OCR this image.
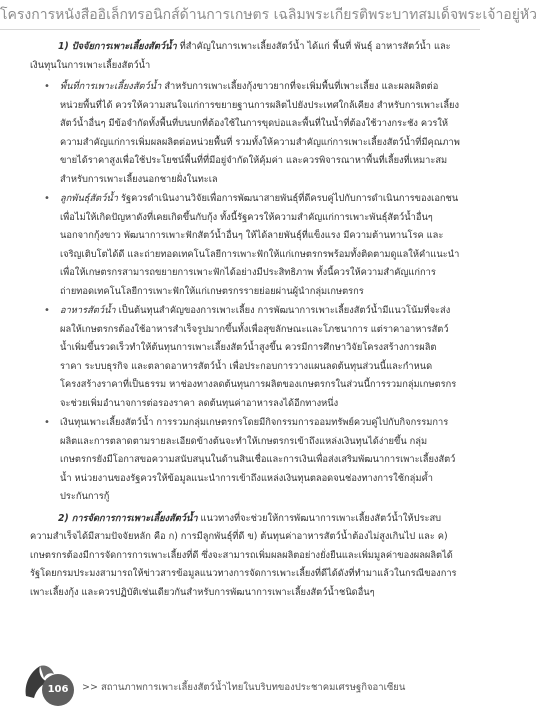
โครงการหนังสืออิเล็กทรอนิกส์ด้านการเกษตร เฉลิมพระเกียรติพระบาทสมเด็จพระเจ้าอยู่หัว

1) ปัจจัยการเพาะเลี้ยงสัตว์น้ำ ที่สำคัญในการเพาะเลี้ยงสัตว์น้ำ ได้แก่ พื้นที่ พันธุ์ อาหารสัตว์น้ำ และเงินทุนในการเพาะเลี้ยงสัตว์น้ำ

• พื้นที่การเพาะเลี้ยงสัตว์น้ำ สำหรับการเพาะเลี้ยงกุ้งขาวยากที่จะเพิ่มพื้นที่เพาะเลี้ยง และผลผลิตต่อหน่วยพื้นที่ได้ ควรให้ความสนใจแก่การขยายฐานการผลิตไปยังประเทศใกล้เคียง สำหรับการเพาะเลี้ยงสัตว์น้ำอื่นๆ มีข้อจำกัดทั้งพื้นที่บนบกที่ต้องใช้ในการขุดบ่อและพื้นที่ในน้ำที่ต้องใช้วางกระชัง ควรให้ความสำคัญแก่การเพิ่มผลผลิตต่อหน่วยพื้นที่ รวมทั้งให้ความสำคัญแก่การเพาะเลี้ยงสัตว์น้ำที่มีคุณภาพขายได้ราคาสูงเพื่อใช้ประโยชน์พื้นที่ที่มีอยู่จำกัดให้คุ้มค่า และควรพิจารณาหาพื้นที่เลี้ยงที่เหมาะสมสำหรับการเพาะเลี้ยงนอกชายฝั่งในทะเล
• ลูกพันธุ์สัตว์น้ำ รัฐควรดำเนินงานวิจัยเพื่อการพัฒนาสายพันธุ์ที่ดีครบคู่ไปกับการดำเนินการของเอกชน เพื่อไม่ให้เกิดปัญหาดังที่เคยเกิดขึ้นกับกุ้ง ทั้งนี้รัฐควรให้ความสำคัญแก่การเพาะพันธุ์สัตว์น้ำอื่นๆ นอกจากกุ้งขาว พัฒนาการเพาะฟักสัตว์น้ำอื่นๆ ให้ได้ลายพันธุ์ที่แข็งแรง มีความต้านทานโรค และเจริญเติบโตได้ดี และถ่ายทอดเทคโนโลยีการเพาะฟักให้แก่เกษตรกรพร้อมทั้งติดตามดูแลให้คำแนะนำเพื่อให้เกษตรกรสามารถขยายการเพาะฟักได้อย่างมีประสิทธิภาพ ทั้งนี้ควรให้ความสำคัญแก่การถ่ายทอดเทคโนโลยีการเพาะฟักให้แก่เกษตรกรรายย่อยผ่านผู้นำกลุ่มเกษตรกร
• อาหารสัตว์น้ำ เป็นต้นทุนสำคัญของการเพาะเลี้ยง การพัฒนาการเพาะเลี้ยงสัตว์น้ำมีแนวโน้มที่จะส่งผลให้เกษตรกรต้องใช้อาหารสำเร็จรูปมากขึ้นทั้งเพื่อสุขลักษณะและโภชนาการ แต่ราคาอาหารสัตว์น้ำเพิ่มขึ้นรวดเร็วทำให้ต้นทุนการเพาะเลี้ยงสัตว์น้ำสูงขึ้น ควรมีการศึกษาวิจัยโครงสร้างการผลิต ราคา ระบบธุรกิจ และตลาดอาหารสัตว์น้ำ เพื่อประกอบการวางแผนลดต้นทุนส่วนนี้และกำหนดโครงสร้างราคาที่เป็นธรรม หาช่องทางลดต้นทุนการผลิตของเกษตรกรในส่วนนี้การรวมกลุ่มเกษตรกรจะช่วยเพิ่มอำนาจการต่อรองราคา ลดต้นทุนค่าอาหารลงได้อีกทางหนึ่ง
• เงินทุนเพาะเลี้ยงสัตว์น้ำ การรวมกลุ่มเกษตรกรโดยมีกิจกรรมการออมทรัพย์ควบคู่ไปกับกิจกรรมการผลิตและการตลาดตามรายละเอียดข้างต้นจะทำให้เกษตรกรเข้าถึงแหล่งเงินทุนได้ง่ายขึ้น กลุ่มเกษตรกรยังมีโอกาสขอความสนับสนุนในด้านสินเชื่อและการเงินเพื่อส่งเสริมพัฒนาการเพาะเลี้ยงสัตว์น้ำ หน่วยงานของรัฐควรให้ข้อมูลแนะนำการเข้าถึงแหล่งเงินทุนตลอดจนช่องทางการใช้กลุ่มค้ำประกันการกู้

2) การจัดการการเพาะเลี้ยงสัตว์น้ำ แนวทางที่จะช่วยให้การพัฒนาการเพาะเลี้ยงสัตว์น้ำให้ประสบความสำเร็จได้มีสามปัจจัยหลัก คือ ก) การมีลูกพันธุ์ที่ดี ข) ต้นทุนค่าอาหารสัตว์น้ำต้องไม่สูงเกินไป และ ค) เกษตรกรต้องมีการจัดการการเพาะเลี้ยงที่ดี ซึ่งจะสามารถเพิ่มผลผลิตอย่างยั่งยืนและเพิ่มมูลค่าของผลผลิตได้ รัฐโดยกรมประมงสามารถให้ข่าวสารข้อมูลแนวทางการจัดการเพาะเลี้ยงที่ดีได้ดังที่ทำมาแล้วในกรณีของการเพาะเลี้ยงกุ้ง และควรปฏิบัติเช่นเดียวกันสำหรับการพัฒนาการเพาะเลี้ยงสัตว์น้ำชนิดอื่นๆ

106	>> สถานภาพการเพาะเลี้ยงสัตว์น้ำไทยในบริบทของประชาคมเศรษฐกิจอาเซียน
